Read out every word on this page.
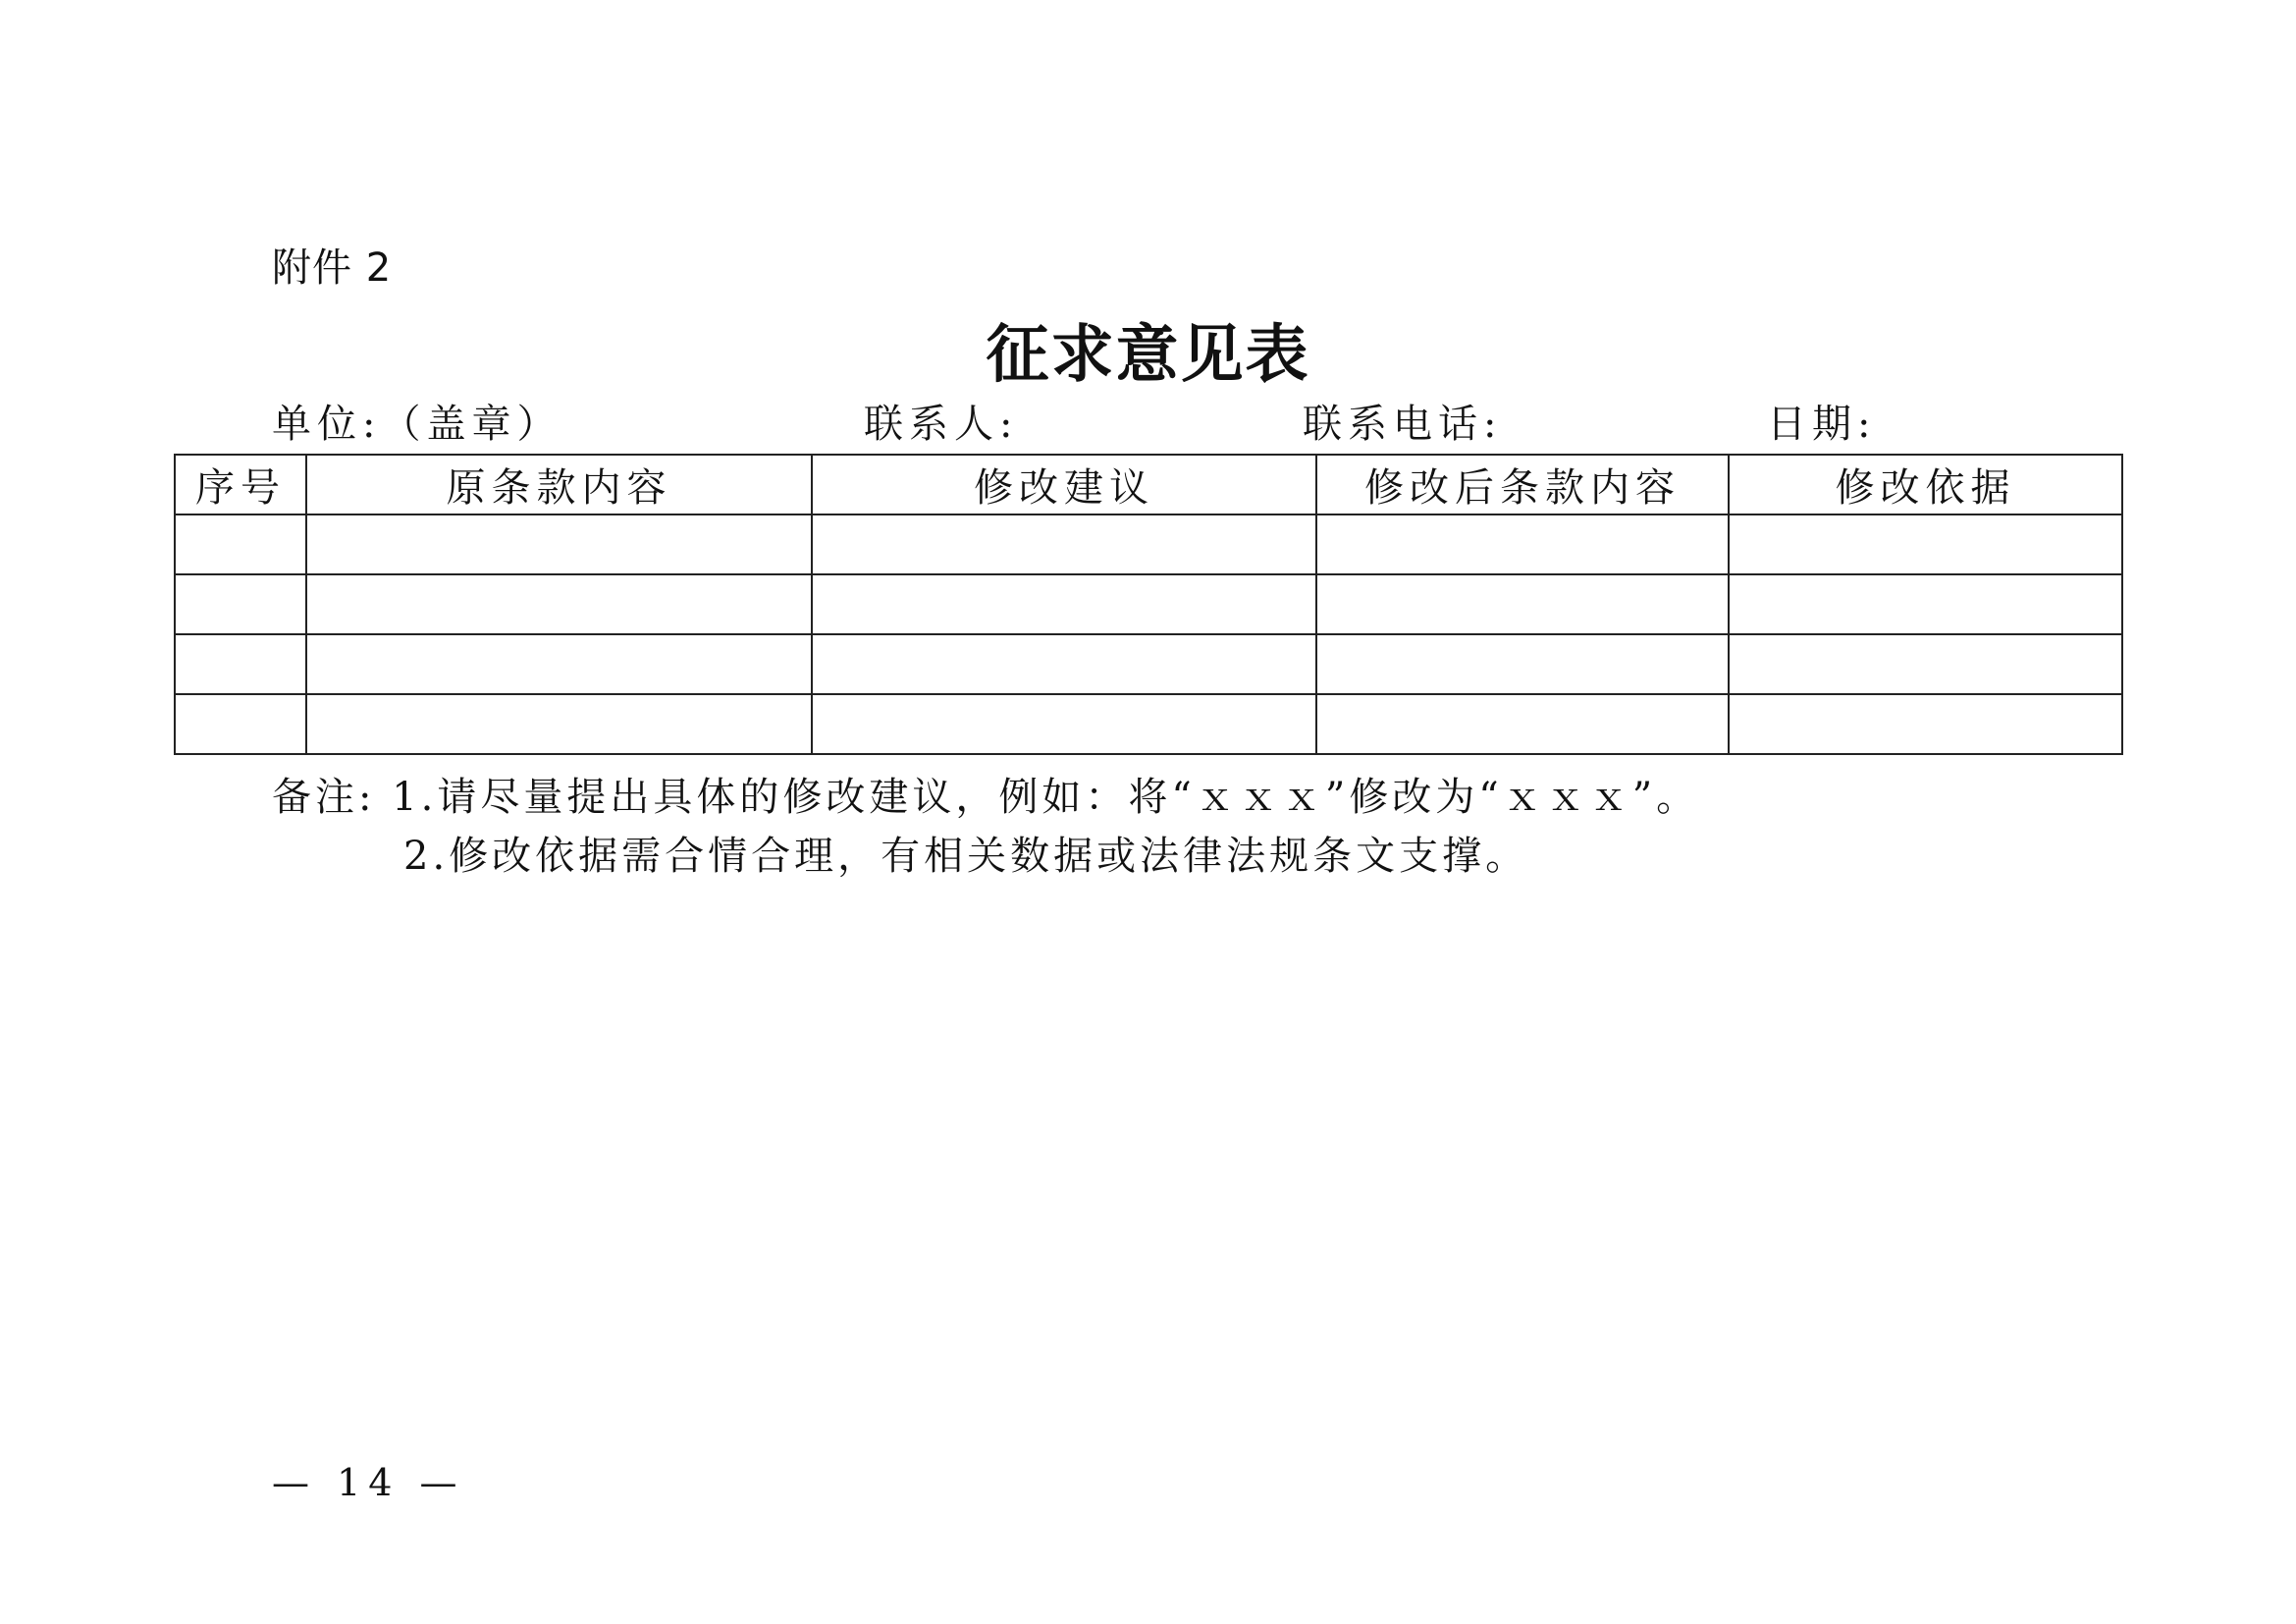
附件 2
征求意见表
单位:（盖章）	联系人:	联系电话:	日期:
序号	原条款内容	修改建议	修改后条款内容	修改依据

备注: 1.请尽量提出具体的修改建议，例如：将“ｘｘｘ”修改为“ｘｘｘ”。
2.修改依据需合情合理，有相关数据或法律法规条文支撑。
— 14 —
